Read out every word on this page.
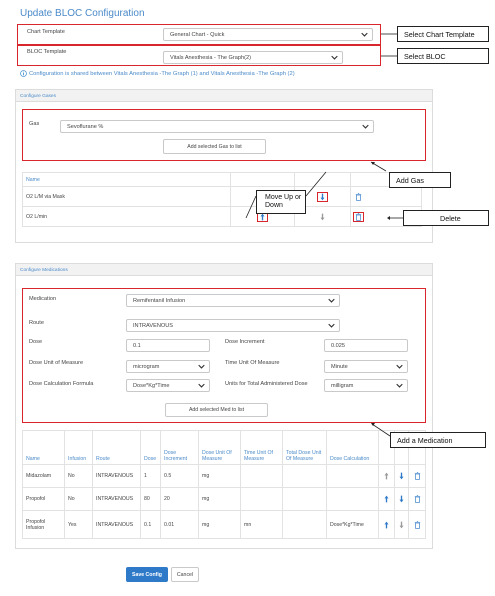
Update BLOC Configuration
Chart Template	General Chart - Quick
BLOC Template
Vitals Anesthesia - The Graph(2)
Select Chart Template
Select BLOC
Configuration is shared between Vitals Anesthesia -The Graph (1) and Vitals Anesthesia -The Graph (2)
Configure Gases
Gas	Sevoflurane %
Add selected Gas to list
Name			
O2 L/M via Mask			
O2 L/min			
Move Up or Down
Add Gas
Delete
Configure Medications
Medication	Remifentanil Infusion
Route	INTRAVENOUS
Dose
0.1
Dose Increment
0.025
Dose Unit of Measure
microgram
Time Unit Of Measure
Minute
Dose Calculation Formula	Dose*Kg*Time	Units for Total Administered Dose	milligram
Add selected Med to list
Name	Infusion	Route	Dose	Dose Increment	Dose Unit Of Measure	Time Unit Of Measure	Total Dose Unit Of Measure	Dose Calculation			
Midazolam	No	INTRAVENOUS	1	0.5	mg						
Propofol	No	INTRAVENOUS	80	20	mg						
Propofol Infusion	Yes	INTRAVENOUS	0.1	0.01	mg	mn		Dose*Kg*Time			
Add a Medication
Save Config	Cancel
